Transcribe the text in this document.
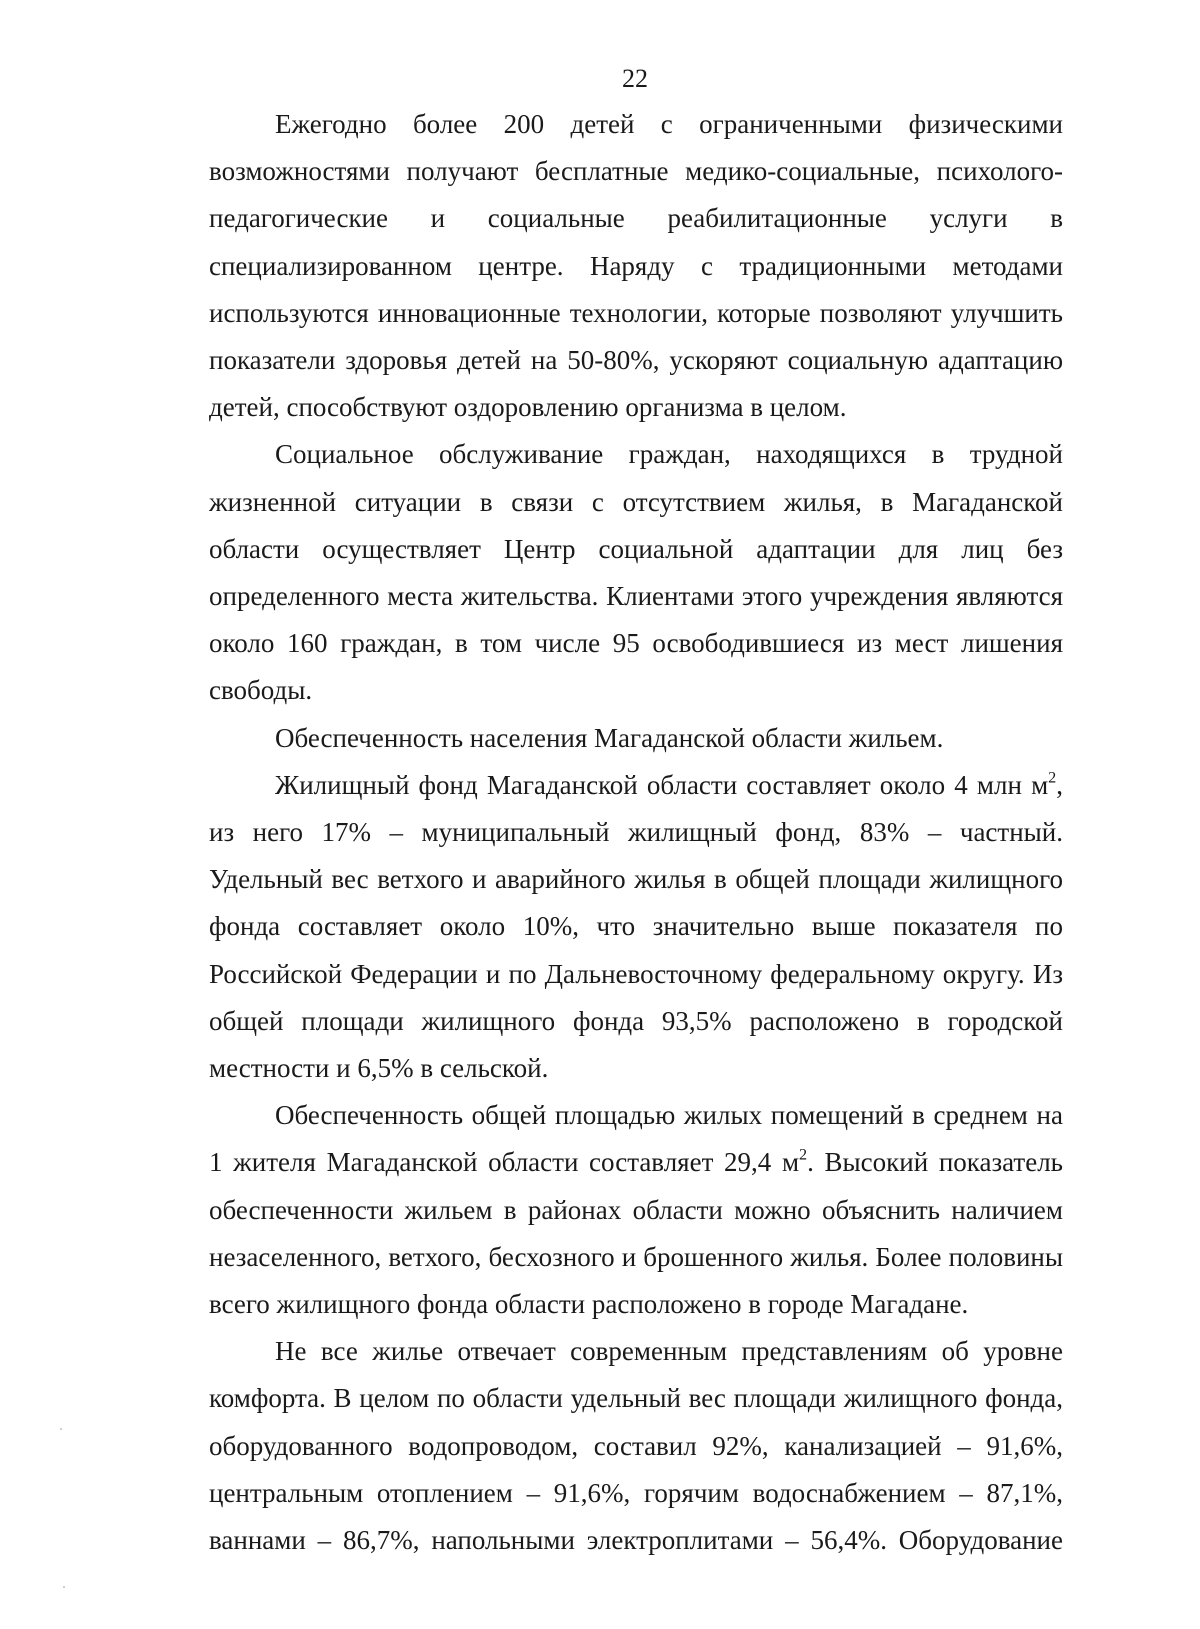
22

Ежегодно более 200 детей с ограниченными физическими возможностями получают бесплатные медико-социальные, психолого-педагогические и социальные реабилитационные услуги в специализированном центре. Наряду с традиционными методами используются инновационные технологии, которые позволяют улучшить показатели здоровья детей на 50-80%, ускоряют социальную адаптацию детей, способствуют оздоровлению организма в целом.

Социальное обслуживание граждан, находящихся в трудной жизненной ситуации в связи с отсутствием жилья, в Магаданской области осуществляет Центр социальной адаптации для лиц без определенного места жительства. Клиентами этого учреждения являются около 160 граждан, в том числе 95 освободившиеся из мест лишения свободы.

Обеспеченность населения Магаданской области жильем.

Жилищный фонд Магаданской области составляет около 4 млн $м^2$, из него 17% – муниципальный жилищный фонд, 83% – частный. Удельный вес ветхого и аварийного жилья в общей площади жилищного фонда составляет около 10%, что значительно выше показателя по Российской Федерации и по Дальневосточному федеральному округу. Из общей площади жилищного фонда 93,5% расположено в городской местности и 6,5% в сельской.

Обеспеченность общей площадью жилых помещений в среднем на 1 жителя Магаданской области составляет 29,4 $м^2$. Высокий показатель обеспеченности жильем в районах области можно объяснить наличием незаселенного, ветхого, бесхозного и брошенного жилья. Более половины всего жилищного фонда области расположено в городе Магадане.

Не все жилье отвечает современным представлениям об уровне комфорта. В целом по области удельный вес площади жилищного фонда, оборудованного водопроводом, составил 92%, канализацией – 91,6%, центральным отоплением – 91,6%, горячим водоснабжением – 87,1%, ваннами – 86,7%, напольными электроплитами – 56,4%. Оборудование
